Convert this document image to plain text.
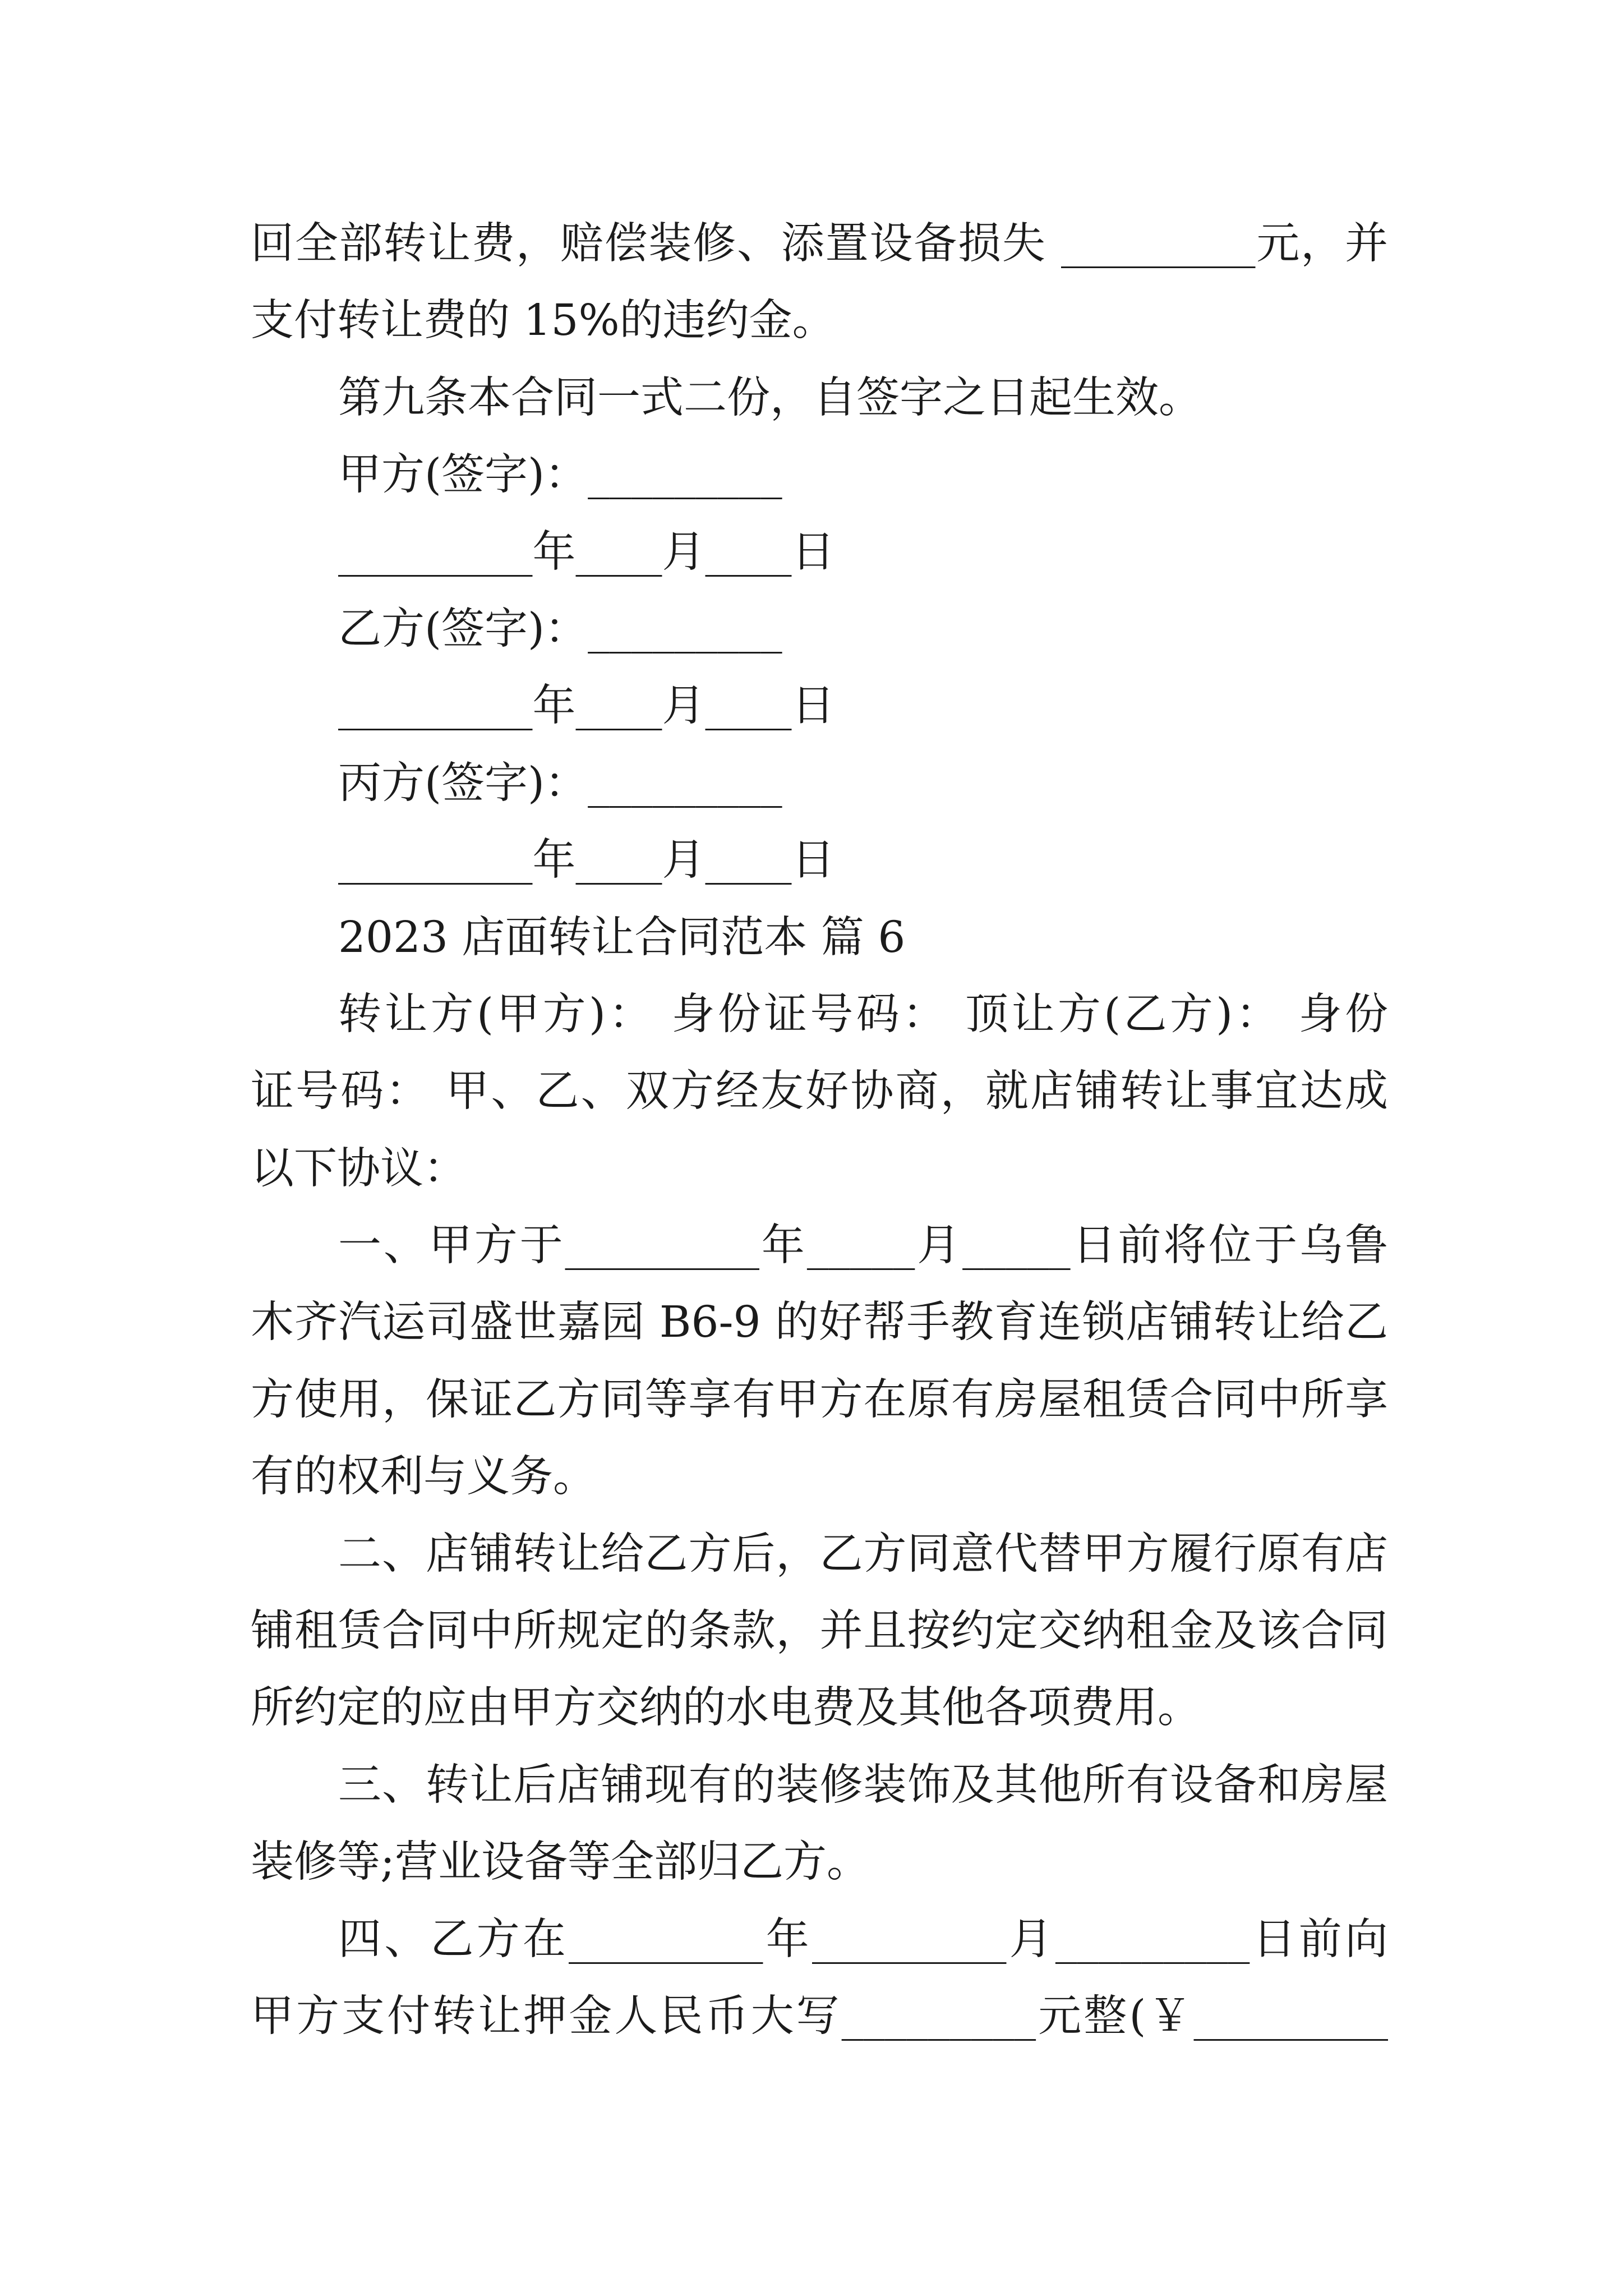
回全部转让费，赔偿装修、添置设备损失 _________元，并
支付转让费的 15%的违约金。
第九条本合同一式二份，自签字之日起生效。
甲方(签字)：_________
_________年____月____日
乙方(签字)：_________
_________年____月____日
丙方(签字)：_________
_________年____月____日
2023 店面转让合同范本 篇 6
转让方(甲方)： 身份证号码： 顶让方(乙方)： 身份
证号码： 甲、乙、双方经友好协商，就店铺转让事宜达成
以下协议：
一、甲方于_________年_____月_____日前将位于乌鲁
木齐汽运司盛世嘉园 B6-9 的好帮手教育连锁店铺转让给乙
方使用，保证乙方同等享有甲方在原有房屋租赁合同中所享
有的权利与义务。
二、店铺转让给乙方后，乙方同意代替甲方履行原有店
铺租赁合同中所规定的条款，并且按约定交纳租金及该合同
所约定的应由甲方交纳的水电费及其他各项费用。
三、转让后店铺现有的装修装饰及其他所有设备和房屋
装修等;营业设备等全部归乙方。
四、乙方在_________年_________月_________日前向
甲方支付转让押金人民币大写_________元整(￥_________
